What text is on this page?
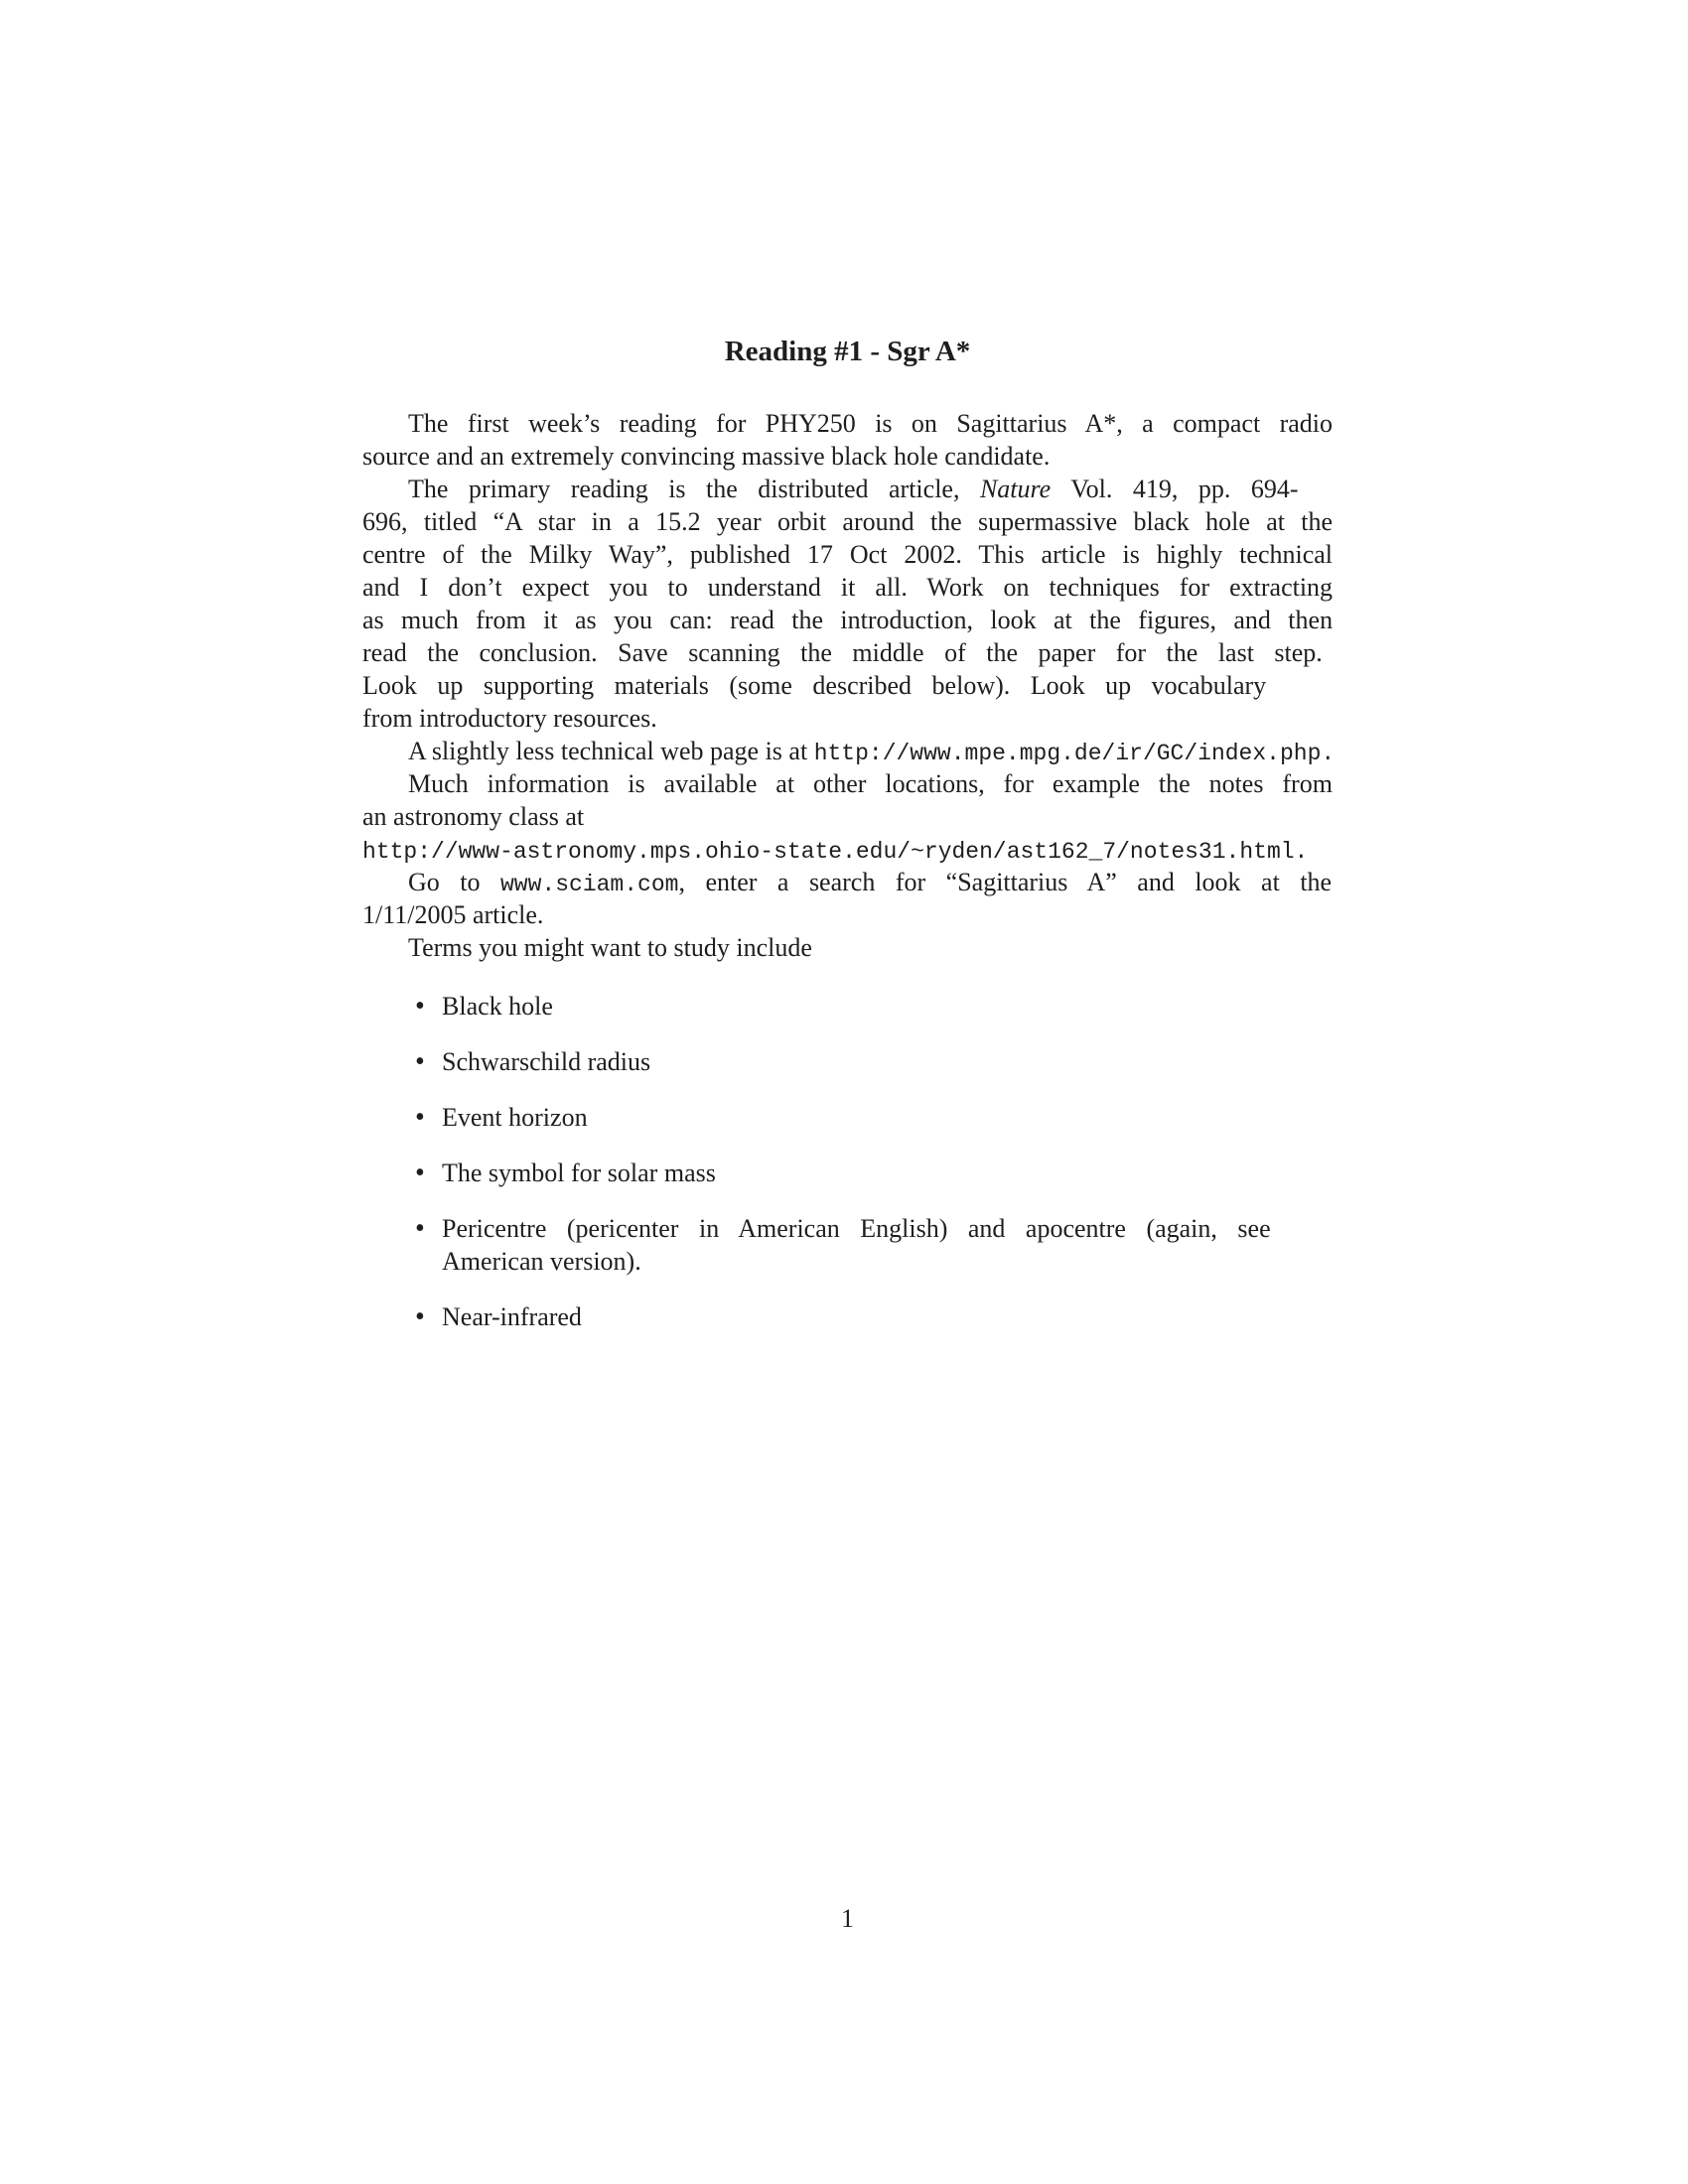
Reading #1 - Sgr A*
The first week’s reading for PHY250 is on Sagittarius A*, a compact radio
source and an extremely convincing massive black hole candidate.
The primary reading is the distributed article, Nature Vol. 419, pp. 694-
696, titled “A star in a 15.2 year orbit around the supermassive black hole at the
centre of the Milky Way”, published 17 Oct 2002. This article is highly technical
and I don’t expect you to understand it all. Work on techniques for extracting
as much from it as you can: read the introduction, look at the figures, and then
read the conclusion. Save scanning the middle of the paper for the last step.
Look up supporting materials (some described below). Look up vocabulary
from introductory resources.
A slightly less technical web page is at http://www.mpe.mpg.de/ir/GC/index.php.
Much information is available at other locations, for example the notes from
an astronomy class at
http://www-astronomy.mps.ohio-state.edu/~ryden/ast162_7/notes31.html.
Go to www.sciam.com, enter a search for “Sagittarius A” and look at the
1/11/2005 article.
Terms you might want to study include
• Black hole
• Schwarschild radius
• Event horizon
• The symbol for solar mass
• Pericentre (pericenter in American English) and apocentre (again, see
American version).
• Near-infrared
1
